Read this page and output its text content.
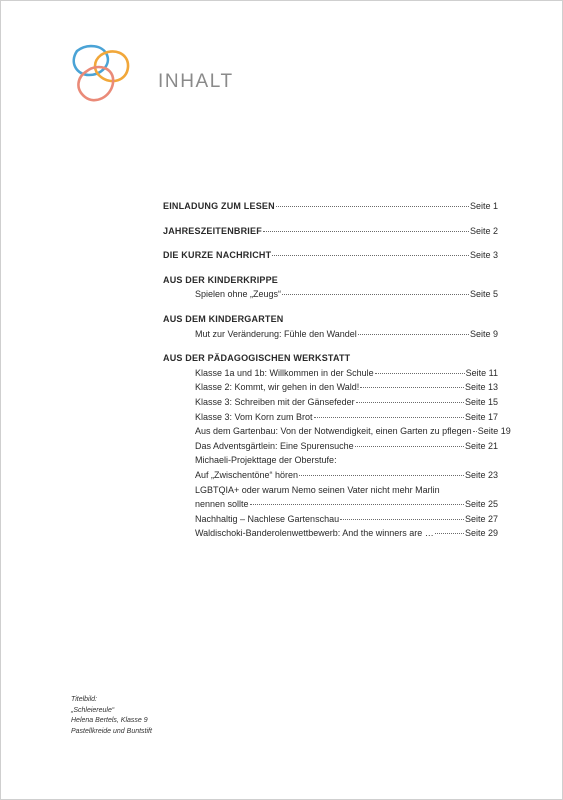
INHALT
EINLADUNG ZUM LESEN	Seite 1
JAHRESZEITENBRIEF	Seite 2
DIE KURZE NACHRICHT	Seite 3
AUS DER KINDERKRIPPE
Spielen ohne „Zeugs“	Seite 5
AUS DEM KINDERGARTEN
Mut zur Veränderung: Fühle den Wandel	Seite 9
AUS DER PÄDAGOGISCHEN WERKSTATT
Klasse 1a und 1b: Willkommen in der Schule	Seite 11
Klasse 2: Kommt, wir gehen in den Wald!	Seite 13
Klasse 3: Schreiben mit der Gänsefeder	Seite 15
Klasse 3: Vom Korn zum Brot	Seite 17
Aus dem Gartenbau: Von der Notwendigkeit, einen Garten zu pflegen Seite 19
Das Adventsgärtlein: Eine Spurensuche	Seite 21
Michaeli-Projekttage der Oberstufe:
Auf „Zwischentöne“ hören	Seite 23
LGBTQIA+ oder warum Nemo seinen Vater nicht mehr Marlin
nennen sollte	Seite 25
Nachhaltig – Nachlese Gartenschau	Seite 27
Waldischoki-Banderolenwettbewerb: And the winners are …	Seite 29
Titelbild:
„Schleiereule“
Helena Bertels, Klasse 9
Pastellkreide und Buntstift
